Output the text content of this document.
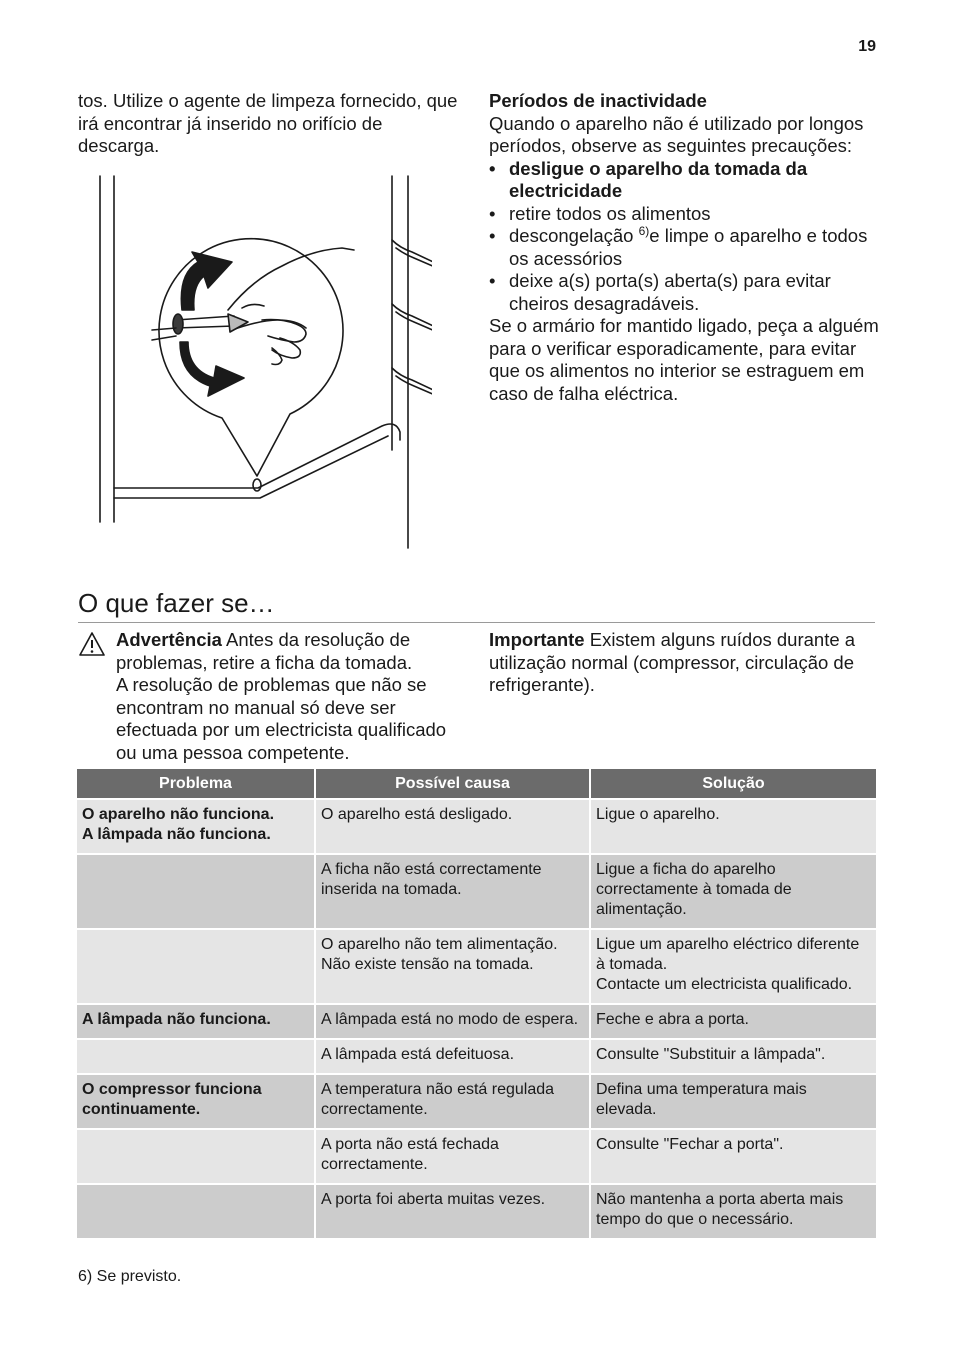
19

tos. Utilize o agente de limpeza fornecido, que irá encontrar já inserido no orifício de descarga.

Períodos de inactividade

Quando o aparelho não é utilizado por longos períodos, observe as seguintes precauções:

• desligue o aparelho da tomada da electricidade
• retire todos os alimentos
• descongelação $^{6)}$e limpe o aparelho e todos os acessórios
• deixe a(s) porta(s) aberta(s) para evitar cheiros desagradáveis.

Se o armário for mantido ligado, peça a alguém para o verificar esporadicamente, para evitar que os alimentos no interior se estraguem em caso de falha eléctrica.

O que fazer se…
Advertência Antes da resolução de problemas, retire a ficha da tomada.
A resolução de problemas que não se encontram no manual só deve ser efectuada por um electricista qualificado ou uma pessoa competente.
Importante Existem alguns ruídos durante a utilização normal (compressor, circulação de refrigerante).
Problema	Possível causa	Solução
O aparelho não funciona.
A lâmpada não funciona.	O aparelho está desligado.	Ligue o aparelho.
	A ficha não está correctamente inserida na tomada.	Ligue a ficha do aparelho correctamente à tomada de alimentação.
	O aparelho não tem alimentação. Não existe tensão na tomada.	Ligue um aparelho eléctrico diferente à tomada.
Contacte um electricista qualificado.
A lâmpada não funciona.	A lâmpada está no modo de espera.	Feche e abra a porta.
	A lâmpada está defeituosa.	Consulte "Substituir a lâmpada".
O compressor funciona continuamente.	A temperatura não está regulada correctamente.	Defina uma temperatura mais elevada.
	A porta não está fechada correctamente.	Consulte "Fechar a porta".
	A porta foi aberta muitas vezes.	Não mantenha a porta aberta mais tempo do que o necessário.
6) Se previsto.
